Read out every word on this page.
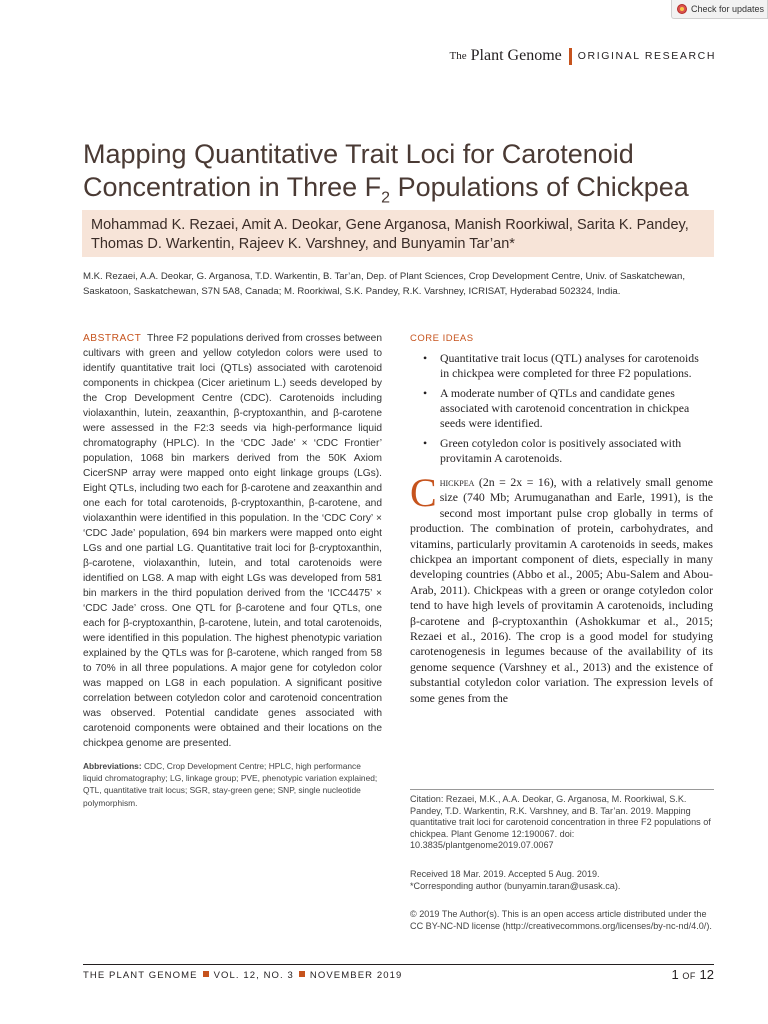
Check for updates
The Plant Genome ORIGINAL RESEARCH
Mapping Quantitative Trait Loci for Carotenoid Concentration in Three $F_2$ Populations of Chickpea
Mohammad K. Rezaei, Amit A. Deokar, Gene Arganosa, Manish Roorkiwal, Sarita K. Pandey, Thomas D. Warkentin, Rajeev K. Varshney, and Bunyamin Tar’an*
M.K. Rezaei, A.A. Deokar, G. Arganosa, T.D. Warkentin, B. Tar’an, Dep. of Plant Sciences, Crop Development Centre, Univ. of Saskatchewan, Saskatoon, Saskatchewan, S7N 5A8, Canada; M. Roorkiwal, S.K. Pandey, R.K. Varshney, ICRISAT, Hyderabad 502324, India.
ABSTRACT Three F2 populations derived from crosses between cultivars with green and yellow cotyledon colors were used to identify quantitative trait loci (QTLs) associated with carotenoid components in chickpea (Cicer arietinum L.) seeds developed by the Crop Development Centre (CDC). Carotenoids including violaxanthin, lutein, zeaxanthin, β-cryptoxanthin, and β-carotene were assessed in the F2:3 seeds via high-performance liquid chromatography (HPLC). In the ‘CDC Jade’ × ‘CDC Frontier’ population, 1068 bin markers derived from the 50K Axiom CicerSNP array were mapped onto eight linkage groups (LGs). Eight QTLs, including two each for β-carotene and zeaxanthin and one each for total carotenoids, β-cryptoxanthin, β-carotene, and violaxanthin were identified in this population. In the ‘CDC Cory’ × ‘CDC Jade’ population, 694 bin markers were mapped onto eight LGs and one partial LG. Quantitative trait loci for β-cryptoxanthin, β-carotene, violaxanthin, lutein, and total carotenoids were identified on LG8. A map with eight LGs was developed from 581 bin markers in the third population derived from the ‘ICC4475’ × ‘CDC Jade’ cross. One QTL for β-carotene and four QTLs, one each for β-cryptoxanthin, β-carotene, lutein, and total carotenoids, were identified in this population. The highest phenotypic variation explained by the QTLs was for β-carotene, which ranged from 58 to 70% in all three populations. A major gene for cotyledon color was mapped on LG8 in each population. A significant positive correlation between cotyledon color and carotenoid concentration was observed. Potential candidate genes associated with carotenoid components were obtained and their locations on the chickpea genome are presented.
Abbreviations: CDC, Crop Development Centre; HPLC, high performance liquid chromatography; LG, linkage group; PVE, phenotypic variation explained; QTL, quantitative trait locus; SGR, stay-green gene; SNP, single nucleotide polymorphism.
CORE IDEAS
• Quantitative trait locus (QTL) analyses for carotenoids in chickpea were completed for three F2 populations.
• A moderate number of QTLs and candidate genes associated with carotenoid concentration in chickpea seeds were identified.
• Green cotyledon color is positively associated with provitamin A carotenoids.
Chickpea (2n = 2x = 16), with a relatively small genome size (740 Mb; Arumuganathan and Earle, 1991), is the second most important pulse crop globally in terms of production. The combination of protein, carbohydrates, and vitamins, particularly provitamin A carotenoids in seeds, makes chickpea an important component of diets, especially in many developing countries (Abbo et al., 2005; Abu-Salem and Abou-Arab, 2011). Chickpeas with a green or orange cotyledon color tend to have high levels of provitamin A carotenoids, including β-carotene and β-cryptoxanthin (Ashokkumar et al., 2015; Rezaei et al., 2016). The crop is a good model for studying carotenogenesis in legumes because of the availability of its genome sequence (Varshney et al., 2013) and the existence of substantial cotyledon color variation. The expression levels of some genes from the
Citation: Rezaei, M.K., A.A. Deokar, G. Arganosa, M. Roorkiwal, S.K. Pandey, T.D. Warkentin, R.K. Varshney, and B. Tar’an. 2019. Mapping quantitative trait loci for carotenoid concentration in three F2 populations of chickpea. Plant Genome 12:190067. doi: 10.3835/plantgenome2019.07.0067
Received 18 Mar. 2019. Accepted 5 Aug. 2019.
*Corresponding author (bunyamin.taran@usask.ca).
© 2019 The Author(s). This is an open access article distributed under the CC BY-NC-ND license (http://creativecommons.org/licenses/by-nc-nd/4.0/).
THE PLANT GENOME VOL. 12, NO. 3 NOVEMBER 2019	1 OF 12
